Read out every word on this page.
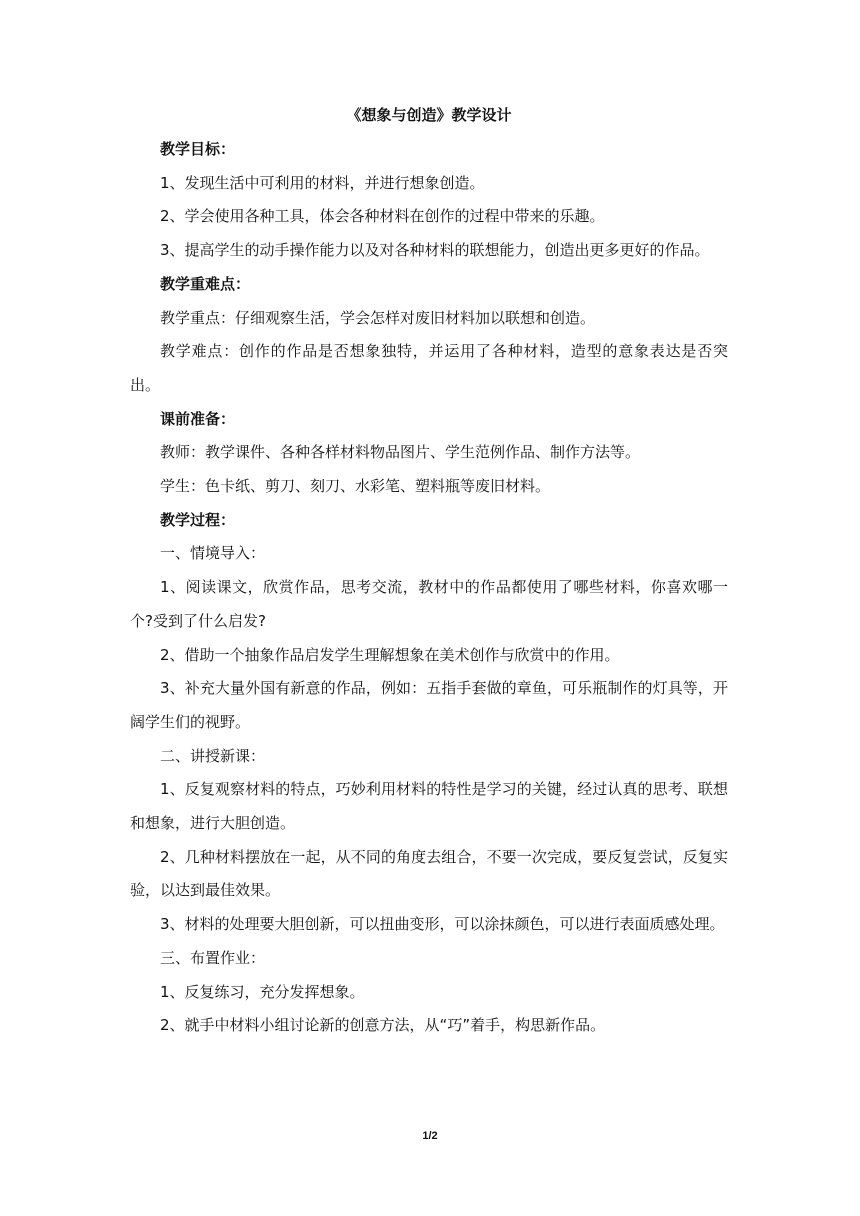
《想象与创造》教学设计

教学目标：

1、发现生活中可利用的材料，并进行想象创造。

2、学会使用各种工具，体会各种材料在创作的过程中带来的乐趣。

3、提高学生的动手操作能力以及对各种材料的联想能力，创造出更多更好的作品。

教学重难点：

教学重点：仔细观察生活，学会怎样对废旧材料加以联想和创造。

教学难点：创作的作品是否想象独特，并运用了各种材料，造型的意象表达是否突出。

课前准备：

教师：教学课件、各种各样材料物品图片、学生范例作品、制作方法等。

学生：色卡纸、剪刀、刻刀、水彩笔、塑料瓶等废旧材料。

教学过程：

一、情境导入：

1、阅读课文，欣赏作品，思考交流，教材中的作品都使用了哪些材料，你喜欢哪一个?受到了什么启发?

2、借助一个抽象作品启发学生理解想象在美术创作与欣赏中的作用。

3、补充大量外国有新意的作品，例如：五指手套做的章鱼，可乐瓶制作的灯具等，开阔学生们的视野。

二、讲授新课：

1、反复观察材料的特点，巧妙利用材料的特性是学习的关键，经过认真的思考、联想和想象，进行大胆创造。

2、几种材料摆放在一起，从不同的角度去组合，不要一次完成，要反复尝试，反复实验，以达到最佳效果。

3、材料的处理要大胆创新，可以扭曲变形，可以涂抹颜色，可以进行表面质感处理。

三、布置作业：

1、反复练习，充分发挥想象。

2、就手中材料小组讨论新的创意方法，从“巧”着手，构思新作品。

1/2
